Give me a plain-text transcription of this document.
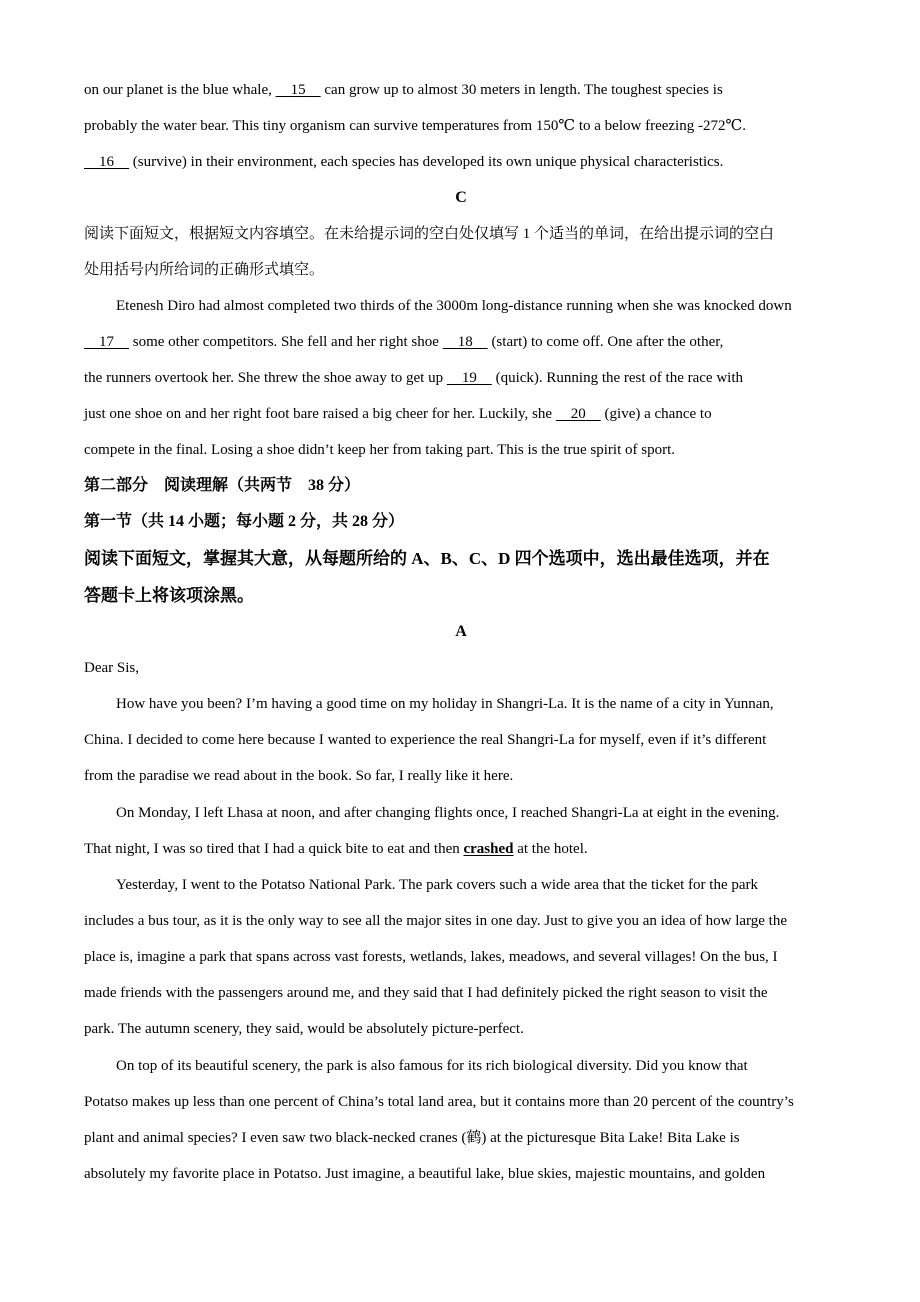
on our planet is the blue whale,     15     can grow up to almost 30 meters in length. The toughest species is
probably the water bear. This tiny organism can survive temperatures from 150℃ to a below freezing -272℃.
16     (survive) in their environment, each species has developed its own unique physical characteristics.
C
阅读下面短文，根据短文内容填空。在未给提示词的空白处仅填写 1 个适当的单词，在给出提示词的空白
处用括号内所给词的正确形式填空。
Etenesh Diro had almost completed two thirds of the 3000m long-distance running when she was knocked down
17     some other competitors. She fell and her right shoe     18     (start) to come off. One after the other,
the runners overtook her. She threw the shoe away to get up     19     (quick). Running the rest of the race with
just one shoe on and her right foot bare raised a big cheer for her. Luckily, she     20     (give) a chance to
compete in the final. Losing a shoe didn’t keep her from taking part. This is the true spirit of sport.
第二部分　阅读理解（共两节　38 分）
第一节（共 14 小题；每小题 2 分，共 28 分）
阅读下面短文，掌握其大意，从每题所给的 A、B、C、D 四个选项中，选出最佳选项，并在
答题卡上将该项涂黑。
A
Dear Sis,
How have you been? I’m having a good time on my holiday in Shangri-La. It is the name of a city in Yunnan,
China. I decided to come here because I wanted to experience the real Shangri-La for myself, even if it’s different
from the paradise we read about in the book. So far, I really like it here.
On Monday, I left Lhasa at noon, and after changing flights once, I reached Shangri-La at eight in the evening.
That night, I was so tired that I had a quick bite to eat and then crashed at the hotel.
Yesterday, I went to the Potatso National Park. The park covers such a wide area that the ticket for the park
includes a bus tour, as it is the only way to see all the major sites in one day. Just to give you an idea of how large the
place is, imagine a park that spans across vast forests, wetlands, lakes, meadows, and several villages! On the bus, I
made friends with the passengers around me, and they said that I had definitely picked the right season to visit the
park. The autumn scenery, they said, would be absolutely picture-perfect.
On top of its beautiful scenery, the park is also famous for its rich biological diversity. Did you know that
Potatso makes up less than one percent of China’s total land area, but it contains more than 20 percent of the country’s
plant and animal species? I even saw two black-necked cranes (鹤) at the picturesque Bita Lake! Bita Lake is
absolutely my favorite place in Potatso. Just imagine, a beautiful lake, blue skies, majestic mountains, and golden
